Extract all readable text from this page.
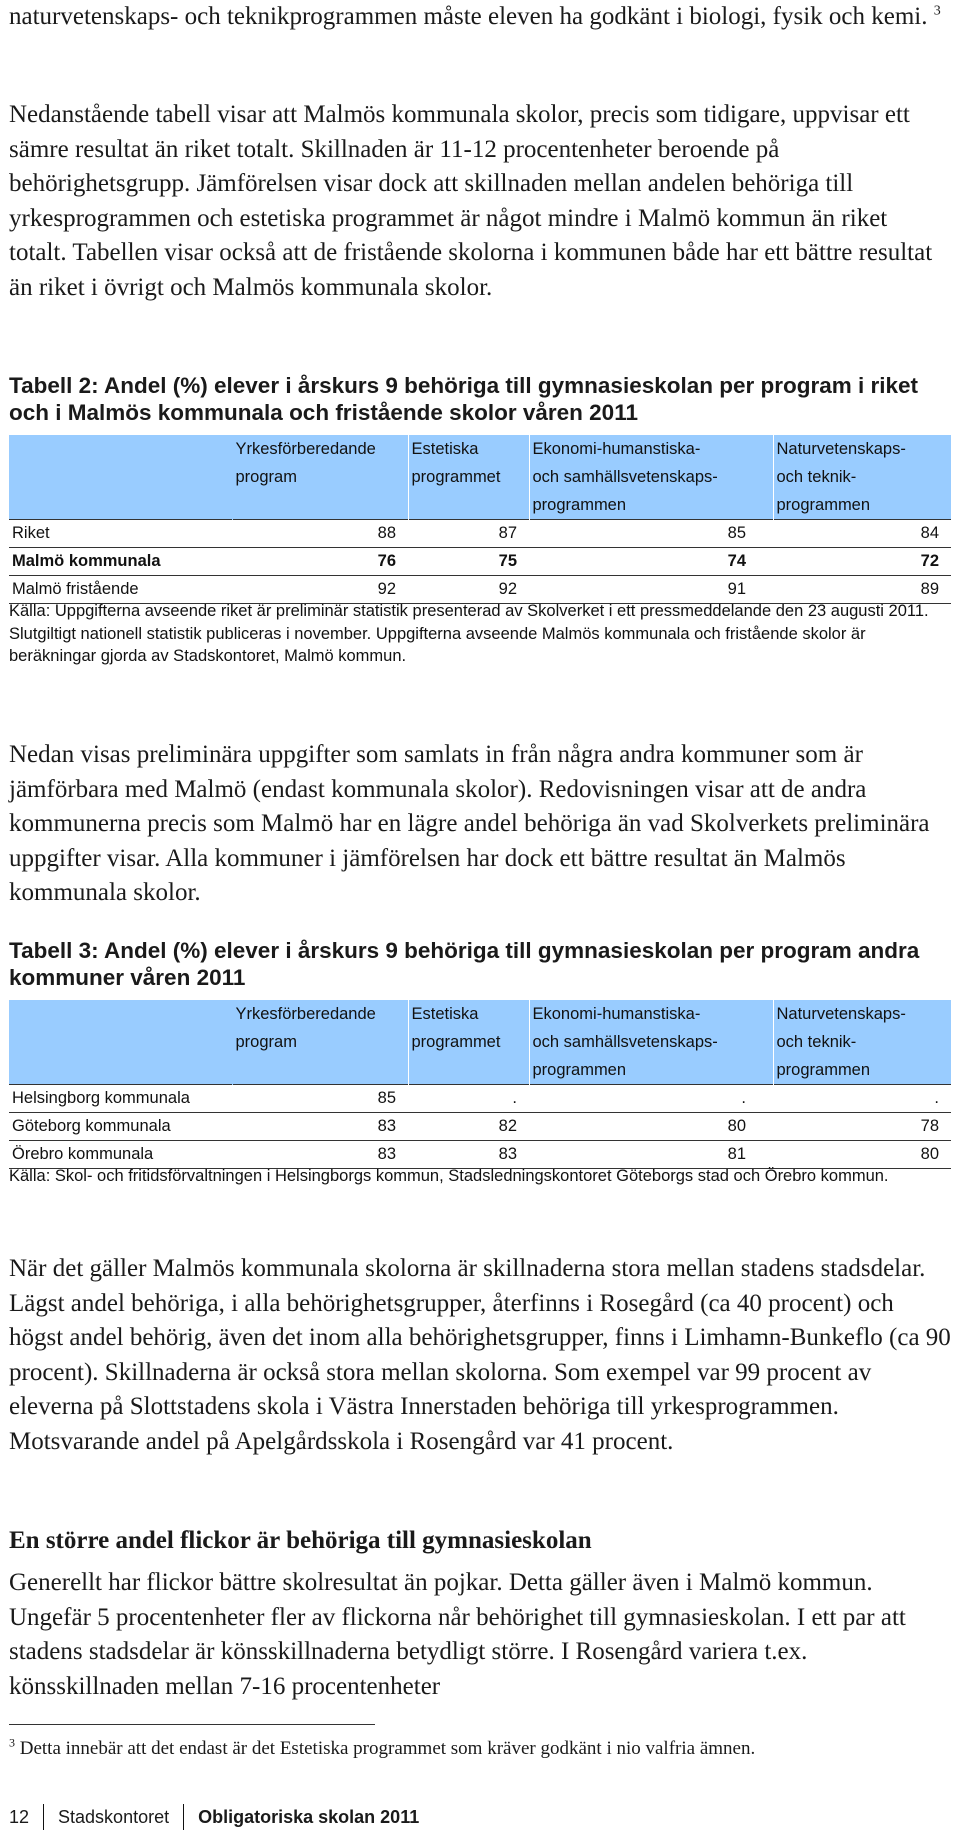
naturvetenskaps- och teknikprogrammen måste eleven ha godkänt i biologi, fysik och kemi. $^3$

Nedanstående tabell visar att Malmös kommunala skolor, precis som tidigare, uppvisar ett sämre resultat än riket totalt. Skillnaden är 11-12 procentenheter beroende på behörighetsgrupp. Jämförelsen visar dock att skillnaden mellan andelen behöriga till yrkesprogrammen och estetiska programmet är något mindre i Malmö kommun än riket totalt. Tabellen visar också att de fristående skolorna i kommunen både har ett bättre resultat än riket i övrigt och Malmös kommunala skolor.

Tabell 2: Andel (%) elever i årskurs 9 behöriga till gymnasieskolan per program i riket och i Malmös kommunala och fristående skolor våren 2011

	Yrkesförberedande
program	Estetiska
programmet	Ekonomi-humanstiska-
och samhällsvetenskaps-
programmen	Naturvetenskaps-
och teknik-
programmen
Riket	88	87	85	84
Malmö kommunala	76	75	74	72
Malmö fristående	92	92	91	89

Källa: Uppgifterna avseende riket är preliminär statistik presenterad av Skolverket i ett pressmeddelande den 23 augusti 2011. Slutgiltigt nationell statistik publiceras i november. Uppgifterna avseende Malmös kommunala och fristående skolor är beräkningar gjorda av Stadskontoret, Malmö kommun.

Nedan visas preliminära uppgifter som samlats in från några andra kommuner som är jämförbara med Malmö (endast kommunala skolor). Redovisningen visar att de andra kommunerna precis som Malmö har en lägre andel behöriga än vad Skolverkets preliminära uppgifter visar. Alla kommuner i jämförelsen har dock ett bättre resultat än Malmös kommunala skolor.

Tabell 3: Andel (%) elever i årskurs 9 behöriga till gymnasieskolan per program andra kommuner våren 2011

	Yrkesförberedande
program	Estetiska
programmet	Ekonomi-humanstiska-
och samhällsvetenskaps-
programmen	Naturvetenskaps-
och teknik-
programmen
Helsingborg kommunala	85	.	.	.
Göteborg kommunala	83	82	80	78
Örebro kommunala	83	83	81	80

Källa: Skol- och fritidsförvaltningen i Helsingborgs kommun, Stadsledningskontoret Göteborgs stad och Örebro kommun.

När det gäller Malmös kommunala skolorna är skillnaderna stora mellan stadens stadsdelar. Lägst andel behöriga, i alla behörighetsgrupper, återfinns i Rosegård (ca 40 procent) och högst andel behörig, även det inom alla behörighetsgrupper, finns i Limhamn-Bunkeflo (ca 90 procent). Skillnaderna är också stora mellan skolorna. Som exempel var 99 procent av eleverna på Slottstadens skola i Västra Innerstaden behöriga till yrkesprogrammen. Motsvarande andel på Apelgårdsskola i Rosengård var 41 procent.

En större andel flickor är behöriga till gymnasieskolan

Generellt har flickor bättre skolresultat än pojkar. Detta gäller även i Malmö kommun. Ungefär 5 procentenheter fler av flickorna når behörighet till gymnasieskolan. I ett par att stadens stadsdelar är könsskillnaderna betydligt större. I Rosengård variera t.ex. könsskillnaden mellan 7-16 procentenheter

$^3$ Detta innebär att det endast är det Estetiska programmet som kräver godkänt i nio valfria ämnen.

12 Stadskontoret Obligatoriska skolan 2011
